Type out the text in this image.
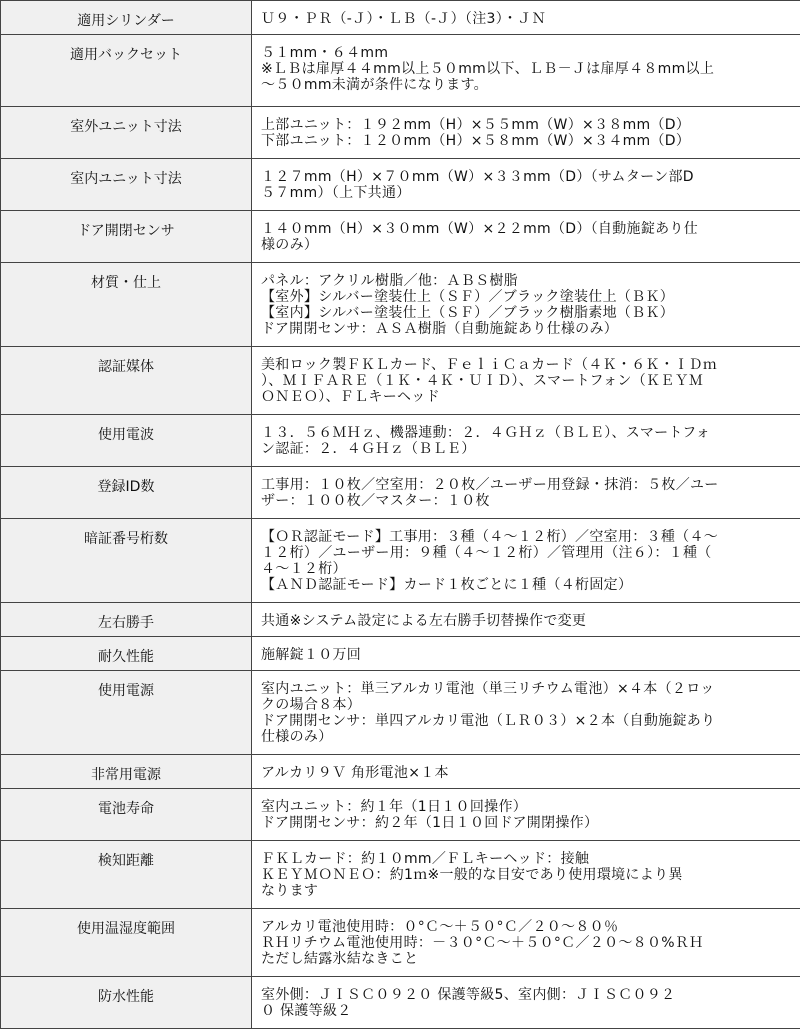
適用シリンダー	Ｕ９・ＰＲ（-Ｊ）・ＬＢ（-Ｊ）（注3）・ＪＮ

適用バックセット	５１mm・６４mm
※ＬＢは扉厚４４mm以上５０mm以下、ＬＢ－Ｊは扉厚４８mm以上
～５０mm未満が条件になります。

室外ユニット寸法	上部ユニット：１９２mm（H）×５５mm（W）×３８mm（D）
下部ユニット：１２０mm（H）×５８mm（W）×３４mm（D）

室内ユニット寸法	１２７mm（H）×７０mm（W）×３３mm（D）（サムターン部D
５７mm）（上下共通）

ドア開閉センサ	１４０mm（H）×３０mm（W）×２２mm（D）（自動施錠あり仕
様のみ）

材質・仕上	パネル：アクリル樹脂／他：ＡＢＳ樹脂
【室外】シルバー塗装仕上（ＳＦ）／ブラック塗装仕上（ＢＫ）
【室内】シルバー塗装仕上（ＳＦ）／ブラック樹脂素地（ＢＫ）
ドア開閉センサ：ＡＳＡ樹脂（自動施錠あり仕様のみ）

認証媒体	美和ロック製ＦＫＬカード、ＦｅｌｉＣａカード（４Ｋ・６Ｋ・ＩＤｍ
）、ＭＩＦＡＲＥ（１Ｋ・４Ｋ・ＵＩＤ）、スマートフォン（ＫＥＹＭ
ＯＮＥＯ）、ＦＬキーヘッド

使用電波	１３．５６ＭＨｚ、機器連動：２．４ＧＨｚ（ＢＬＥ）、スマートフォ
ン認証：２．４ＧＨｚ（ＢＬＥ）

登録ID数	工事用：１０枚／空室用：２０枚／ユーザー用登録・抹消：５枚／ユー
ザー：１００枚／マスター：１０枚

暗証番号桁数	【ＯＲ認証モード】工事用：３種（４～１２桁）／空室用：３種（４～
１２桁）／ユーザー用：９種（４～１２桁）／管理用（注６）：１種（
４～１２桁）
【ＡＮＤ認証モード】カード１枚ごとに１種（４桁固定）

左右勝手	共通※システム設定による左右勝手切替操作で変更

耐久性能	施解錠１０万回

使用電源	室内ユニット：単三アルカリ電池（単三リチウム電池）×４本（２ロッ
クの場合８本）
ドア開閉センサ：単四アルカリ電池（ＬＲ０３）×２本（自動施錠あり
仕様のみ）

非常用電源	アルカリ９Ｖ 角形電池×１本

電池寿命	室内ユニット：約１年（1日１０回操作）
ドア開閉センサ：約２年（1日１０回ドア開閉操作）

検知距離	ＦＫＬカード：約１０mm／ＦＬキーヘッド：接触
ＫＥＹＭＯＮＥＯ：約1ｍ※一般的な目安であり使用環境により異
なります

使用温湿度範囲	アルカリ電池使用時：０°Ｃ～＋５０°Ｃ／２０～８０％
ＲＨリチウム電池使用時：－３０°Ｃ～＋５０°Ｃ／２０～８０%ＲＨ
ただし結露氷結なきこと

防水性能	室外側：ＪＩＳＣ０９２０ 保護等級5、室内側：ＪＩＳＣ０９２
０ 保護等級２
